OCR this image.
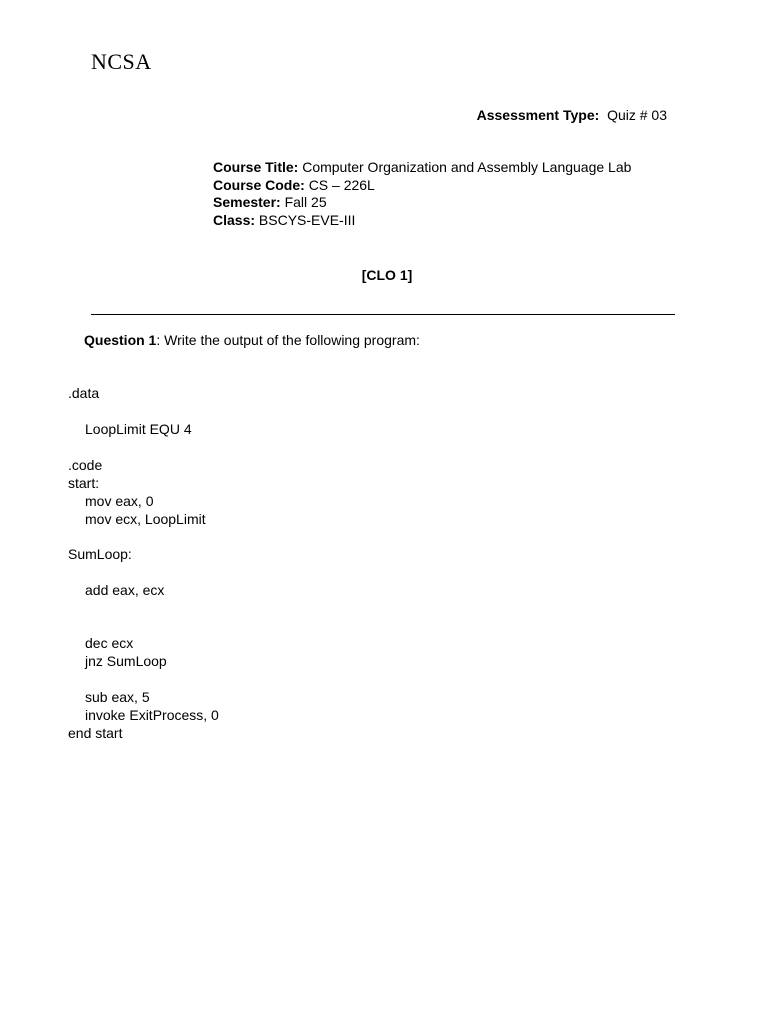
NCSA
Assessment Type: Quiz # 03
Course Title: Computer Organization and Assembly Language Lab
Course Code: CS – 226L
Semester: Fall 25
Class: BSCYS-EVE-III
[CLO 1]
Question 1: Write the output of the following program:
.data
LoopLimit EQU 4
.code
start:
mov eax, 0
mov ecx, LoopLimit
SumLoop:
add eax, ecx
dec ecx
jnz SumLoop
sub eax, 5
invoke ExitProcess, 0
end start
